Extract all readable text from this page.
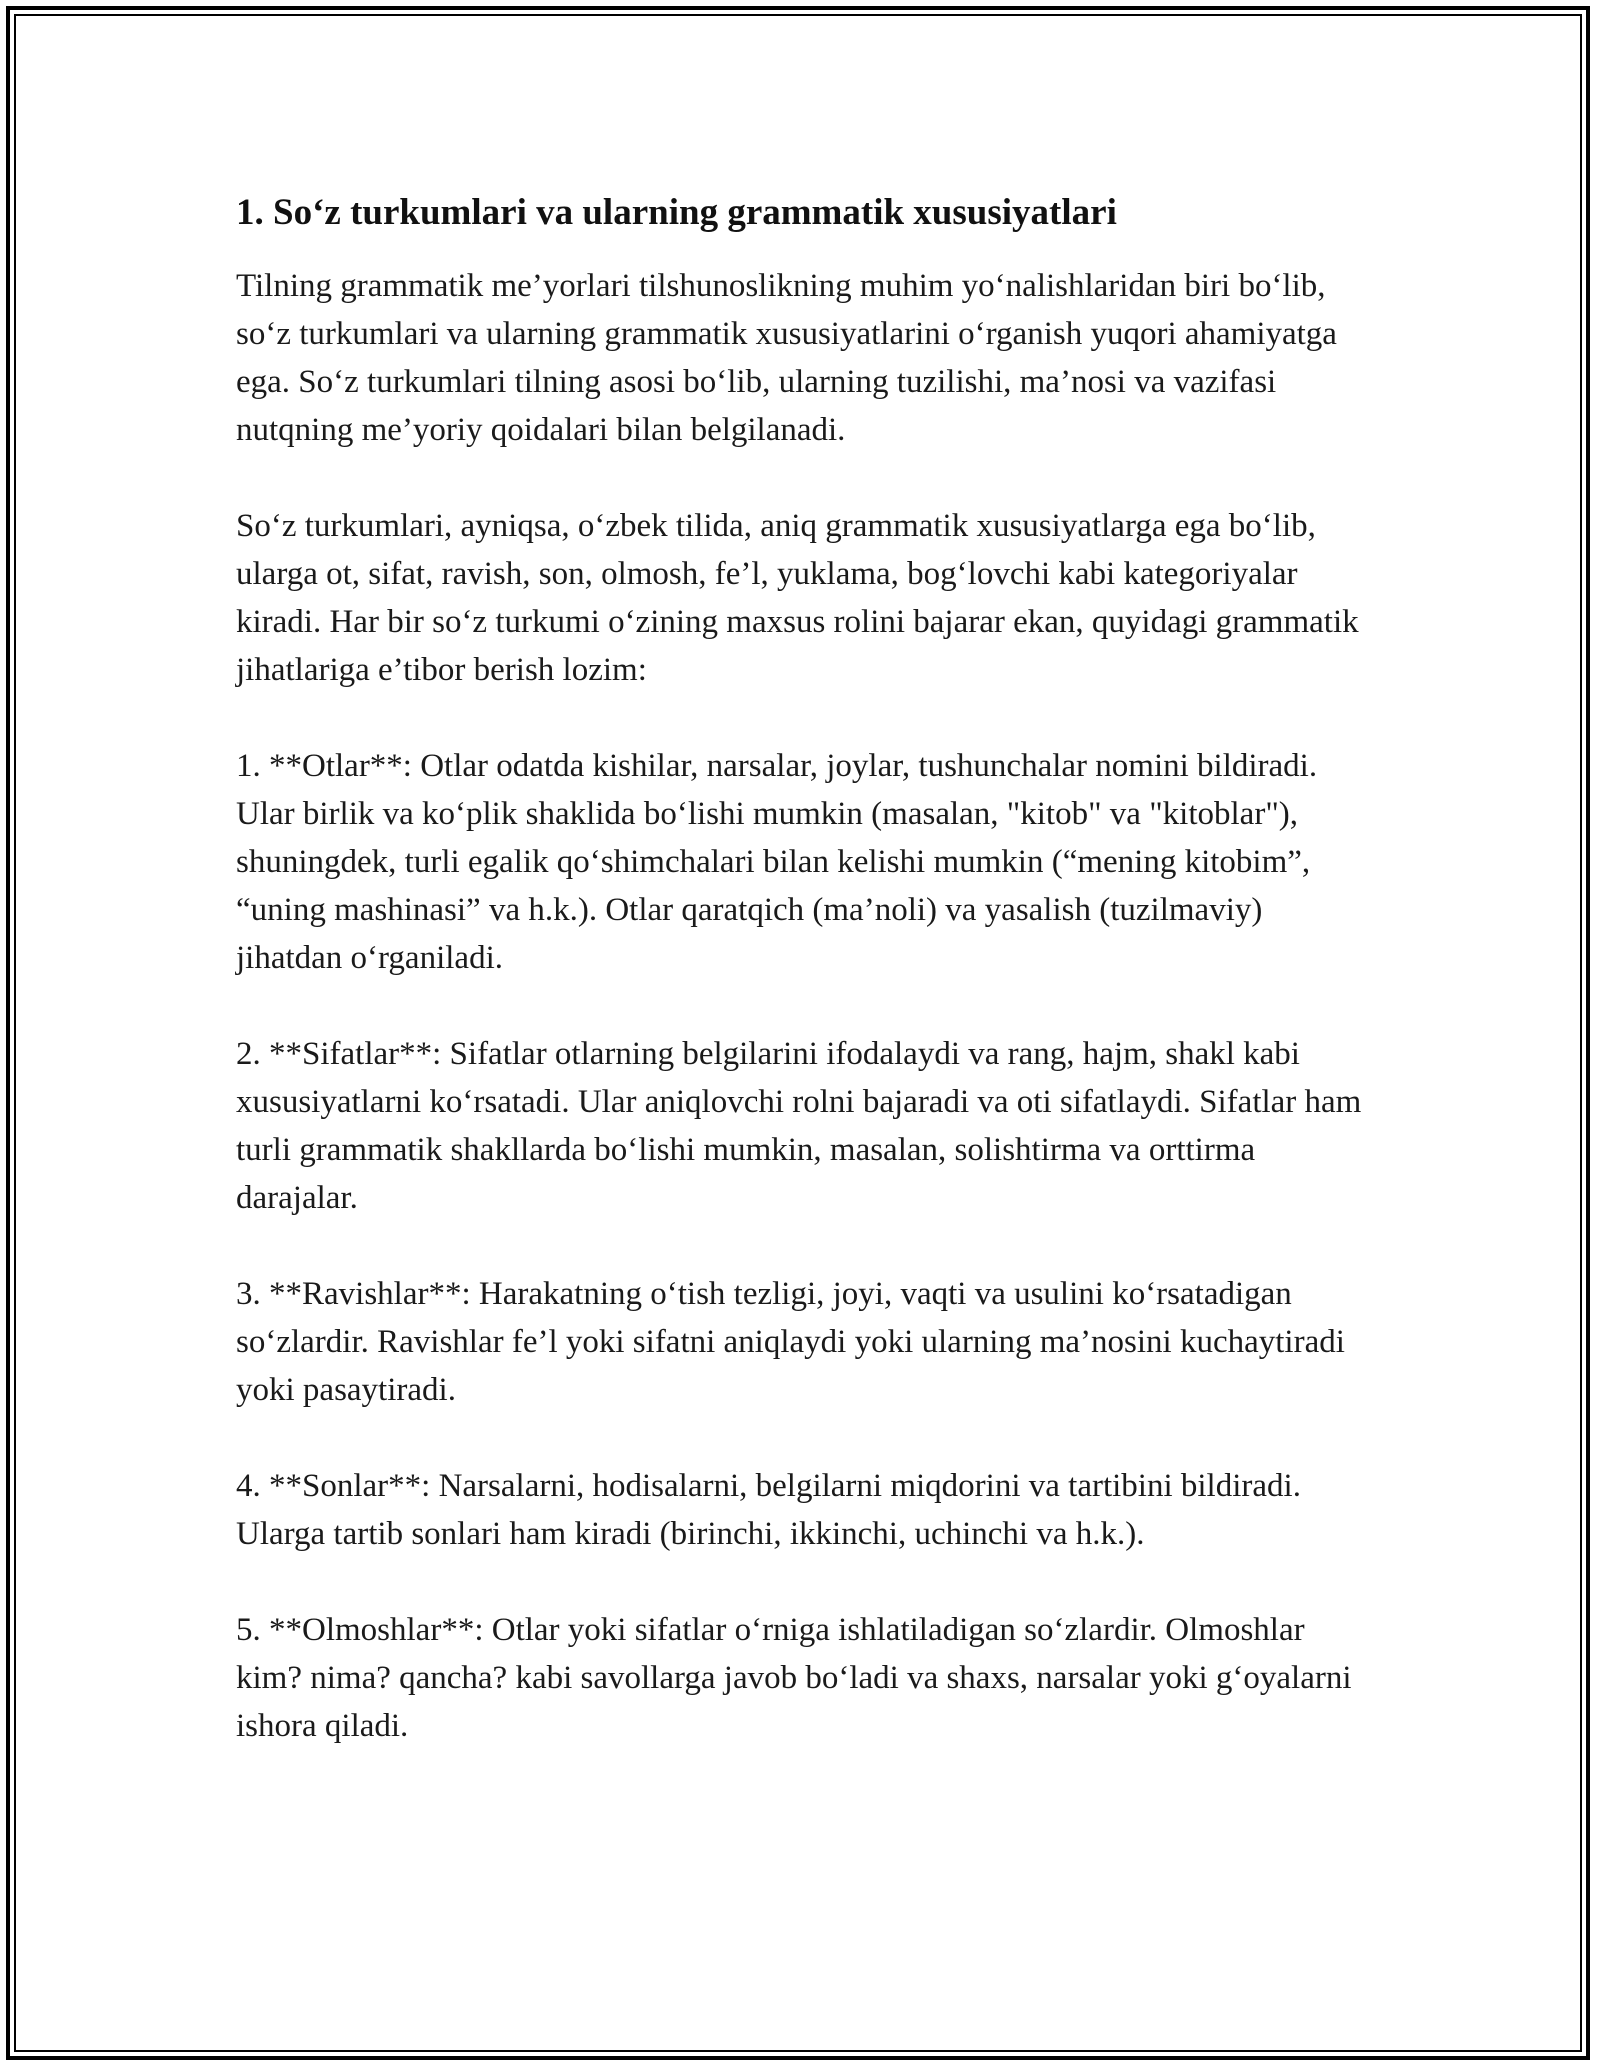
1. So‘z turkumlari va ularning grammatik xususiyatlari

Tilning grammatik me’yorlari tilshunoslikning muhim yo‘nalishlaridan biri bo‘lib, so‘z turkumlari va ularning grammatik xususiyatlarini o‘rganish yuqori ahamiyatga ega. So‘z turkumlari tilning asosi bo‘lib, ularning tuzilishi, ma’nosi va vazifasi nutqning me’yoriy qoidalari bilan belgilanadi.

So‘z turkumlari, ayniqsa, o‘zbek tilida, aniq grammatik xususiyatlarga ega bo‘lib, ularga ot, sifat, ravish, son, olmosh, fe’l, yuklama, bog‘lovchi kabi kategoriyalar kiradi. Har bir so‘z turkumi o‘zining maxsus rolini bajarar ekan, quyidagi grammatik jihatlariga e’tibor berish lozim:

1. **Otlar**: Otlar odatda kishilar, narsalar, joylar, tushunchalar nomini bildiradi. Ular birlik va ko‘plik shaklida bo‘lishi mumkin (masalan, "kitob" va "kitoblar"), shuningdek, turli egalik qo‘shimchalari bilan kelishi mumkin (“mening kitobim”, “uning mashinasi” va h.k.). Otlar qaratqich (ma’noli) va yasalish (tuzilmaviy) jihatdan o‘rganiladi.

2. **Sifatlar**: Sifatlar otlarning belgilarini ifodalaydi va rang, hajm, shakl kabi xususiyatlarni ko‘rsatadi. Ular aniqlovchi rolni bajaradi va oti sifatlaydi. Sifatlar ham turli grammatik shakllarda bo‘lishi mumkin, masalan, solishtirma va orttirma darajalar.

3. **Ravishlar**: Harakatning o‘tish tezligi, joyi, vaqti va usulini ko‘rsatadigan so‘zlardir. Ravishlar fe’l yoki sifatni aniqlaydi yoki ularning ma’nosini kuchaytiradi yoki pasaytiradi.

4. **Sonlar**: Narsalarni, hodisalarni, belgilarni miqdorini va tartibini bildiradi. Ularga tartib sonlari ham kiradi (birinchi, ikkinchi, uchinchi va h.k.).

5. **Olmoshlar**: Otlar yoki sifatlar o‘rniga ishlatiladigan so‘zlardir. Olmoshlar kim? nima? qancha? kabi savollarga javob bo‘ladi va shaxs, narsalar yoki g‘oyalarni ishora qiladi.
